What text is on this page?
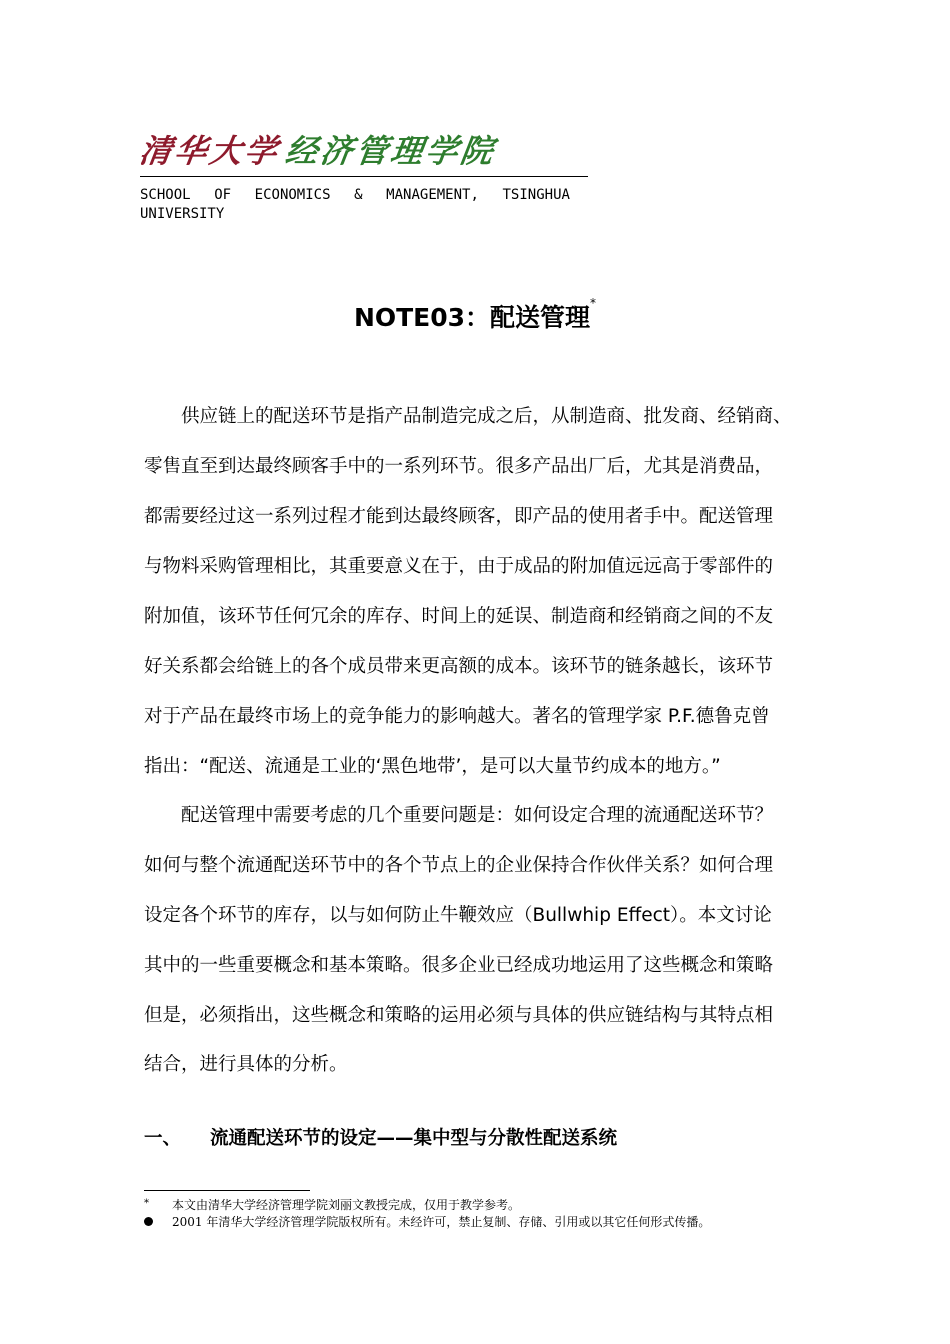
清华大学 经济管理学院
SCHOOL OF ECONOMICS & MANAGEMENT, TSINGHUA
UNIVERSITY
NOTE03：配送管理*
供应链上的配送环节是指产品制造完成之后，从制造商、批发商、经销商、
零售直至到达最终顾客手中的一系列环节。很多产品出厂后，尤其是消费品，
都需要经过这一系列过程才能到达最终顾客，即产品的使用者手中。配送管理
与物料采购管理相比，其重要意义在于，由于成品的附加值远远高于零部件的
附加值，该环节任何冗余的库存、时间上的延误、制造商和经销商之间的不友
好关系都会给链上的各个成员带来更高额的成本。该环节的链条越长，该环节
对于产品在最终市场上的竞争能力的影响越大。著名的管理学家 P.F.德鲁克曾
指出：“配送、流通是工业的‘黑色地带’，是可以大量节约成本的地方。”
配送管理中需要考虑的几个重要问题是：如何设定合理的流通配送环节？
如何与整个流通配送环节中的各个节点上的企业保持合作伙伴关系？如何合理
设定各个环节的库存，以与如何防止牛鞭效应（Bullwhip Effect）。本文讨论
其中的一些重要概念和基本策略。很多企业已经成功地运用了这些概念和策略
但是，必须指出，这些概念和策略的运用必须与具体的供应链结构与其特点相
结合，进行具体的分析。
一、 流通配送环节的设定——集中型与分散性配送系统
* 本文由清华大学经济管理学院刘丽文教授完成，仅用于教学参考。
2001 年清华大学经济管理学院版权所有。未经许可，禁止复制、存储、引用或以其它任何形式传播。
